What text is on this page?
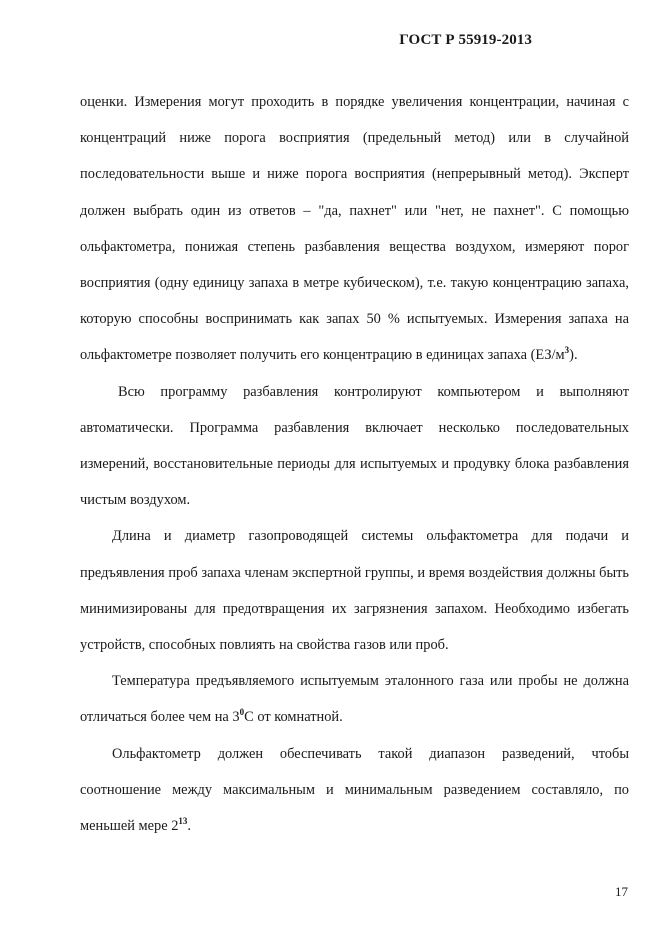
ГОСТ Р 55919-2013

оценки. Измерения могут проходить в порядке увеличения концентрации, начиная с концентраций ниже порога восприятия (предельный метод) или в случайной последовательности выше и ниже порога восприятия (непрерывный метод). Эксперт должен выбрать один из ответов – "да, пахнет" или "нет, не пахнет". С помощью ольфактометра, понижая степень разбавления вещества воздухом, измеряют порог восприятия (одну единицу запаха в метре кубическом), т.е. такую концентрацию запаха, которую способны воспринимать как запах 50 % испытуемых. Измерения запаха на ольфактометре позволяет получить его концентрацию в единицах запаха $(ЕЗ/м^3)$.

Всю программу разбавления контролируют компьютером и выполняют автоматически. Программа разбавления включает несколько последовательных измерений, восстановительные периоды для испытуемых и продувку блока разбавления чистым воздухом.

Длина и диаметр газопроводящей системы ольфактометра для подачи и предъявления проб запаха членам экспертной группы, и время воздействия должны быть минимизированы для предотвращения их загрязнения запахом. Необходимо избегать устройств, способных повлиять на свойства газов или проб.

Температура предъявляемого испытуемым эталонного газа или пробы не должна отличаться более чем на $3^0С$ от комнатной.

Ольфактометр должен обеспечивать такой диапазон разведений, чтобы соотношение между максимальным и минимальным разведением составляло, по меньшей мере $2^{13}$.

17
